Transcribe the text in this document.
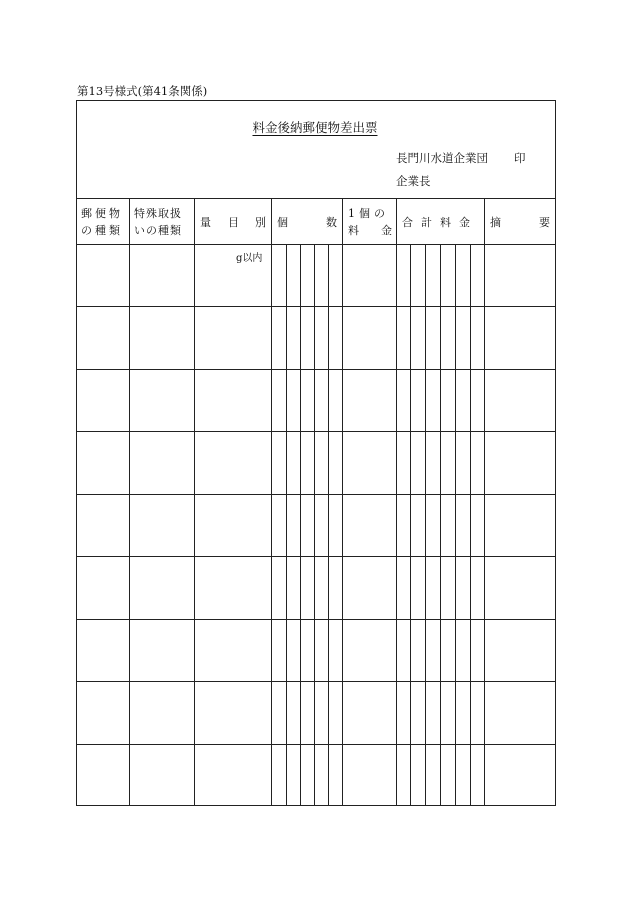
第13号様式(第41条関係)
料金後納郵便物差出票
長門川水道企業団 印
企業長
郵便物
の種類
特殊取扱
いの種類
量 目 別 個	数
1個の
料 金
合計料金 摘	要
g以内
